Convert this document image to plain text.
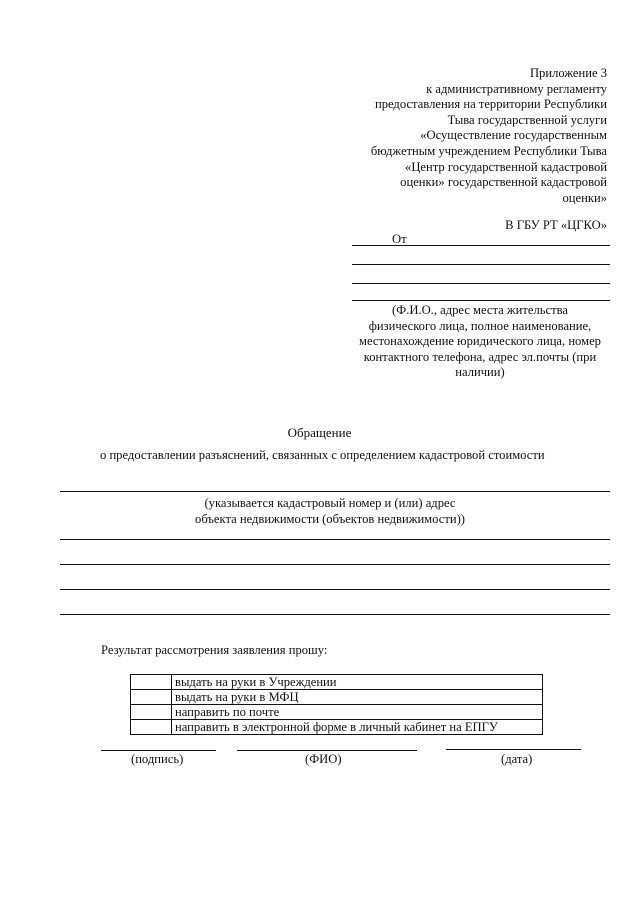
Приложение 3
к административному регламенту
предоставления на территории Республики
Тыва государственной услуги
«Осуществление государственным
бюджетным учреждением Республики Тыва
«Центр государственной кадастровой
оценки» государственной кадастровой
оценки»
В ГБУ РТ «ЦГКО»
От
(Ф.И.О., адрес места жительства
физического лица, полное наименование,
местонахождение юридического лица, номер
контактного телефона, адрес эл.почты (при
наличии)
Обращение
о предоставлении разъяснений, связанных с определением кадастровой стоимости
(указывается кадастровый номер и (или) адрес
объекта недвижимости (объектов недвижимости))
Результат рассмотрения заявления прошу:
	выдать на руки в Учреждении
	выдать на руки в МФЦ
	направить по почте
	направить в электронной форме в личный кабинет на ЕПГУ
(подпись)	(ФИО)	(дата)
